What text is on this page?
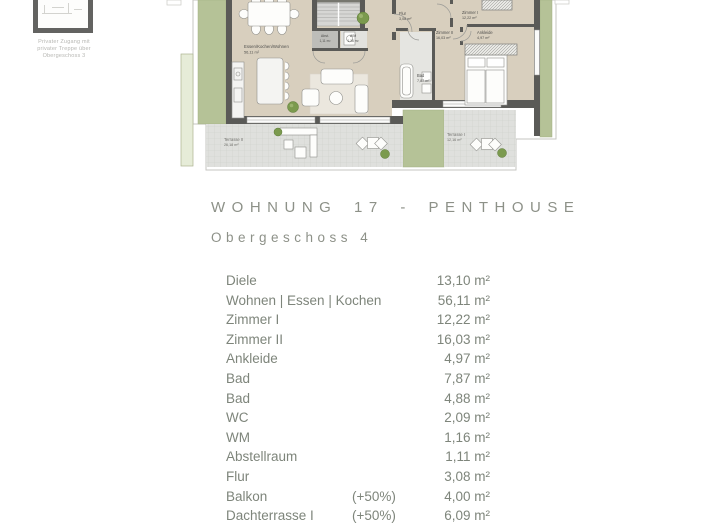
Privater Zugang mit
privater Treppe über
Obergeschoss 3
Essen/Kochen/Wohnen
56,11 m²
Abst.
1,11 m²
WM
1,16 m²
Flur
3,08 m²
Zimmer I
12,22 m²
Zimmer II
16,03 m²
Ankleide
4,97 m²
Bad
7,87 m²
Terrasse II
26,18 m²
Terrasse I
12,16 m²
WOHNUNG 17 - PENTHOUSE
Obergeschoss 4
Diele	13,10 m²
Wohnen | Essen | Kochen	56,11 m²
Zimmer I	12,22 m²
Zimmer II	16,03 m²
Ankleide	4,97 m²
Bad	7,87 m²
Bad	4,88 m²
WC	2,09 m²
WM	1,16 m²
Abstellraum	1,11 m²
Flur	3,08 m²
Balkon	(+50%)	4,00 m²
Dachterrasse I	(+50%)	6,09 m²
